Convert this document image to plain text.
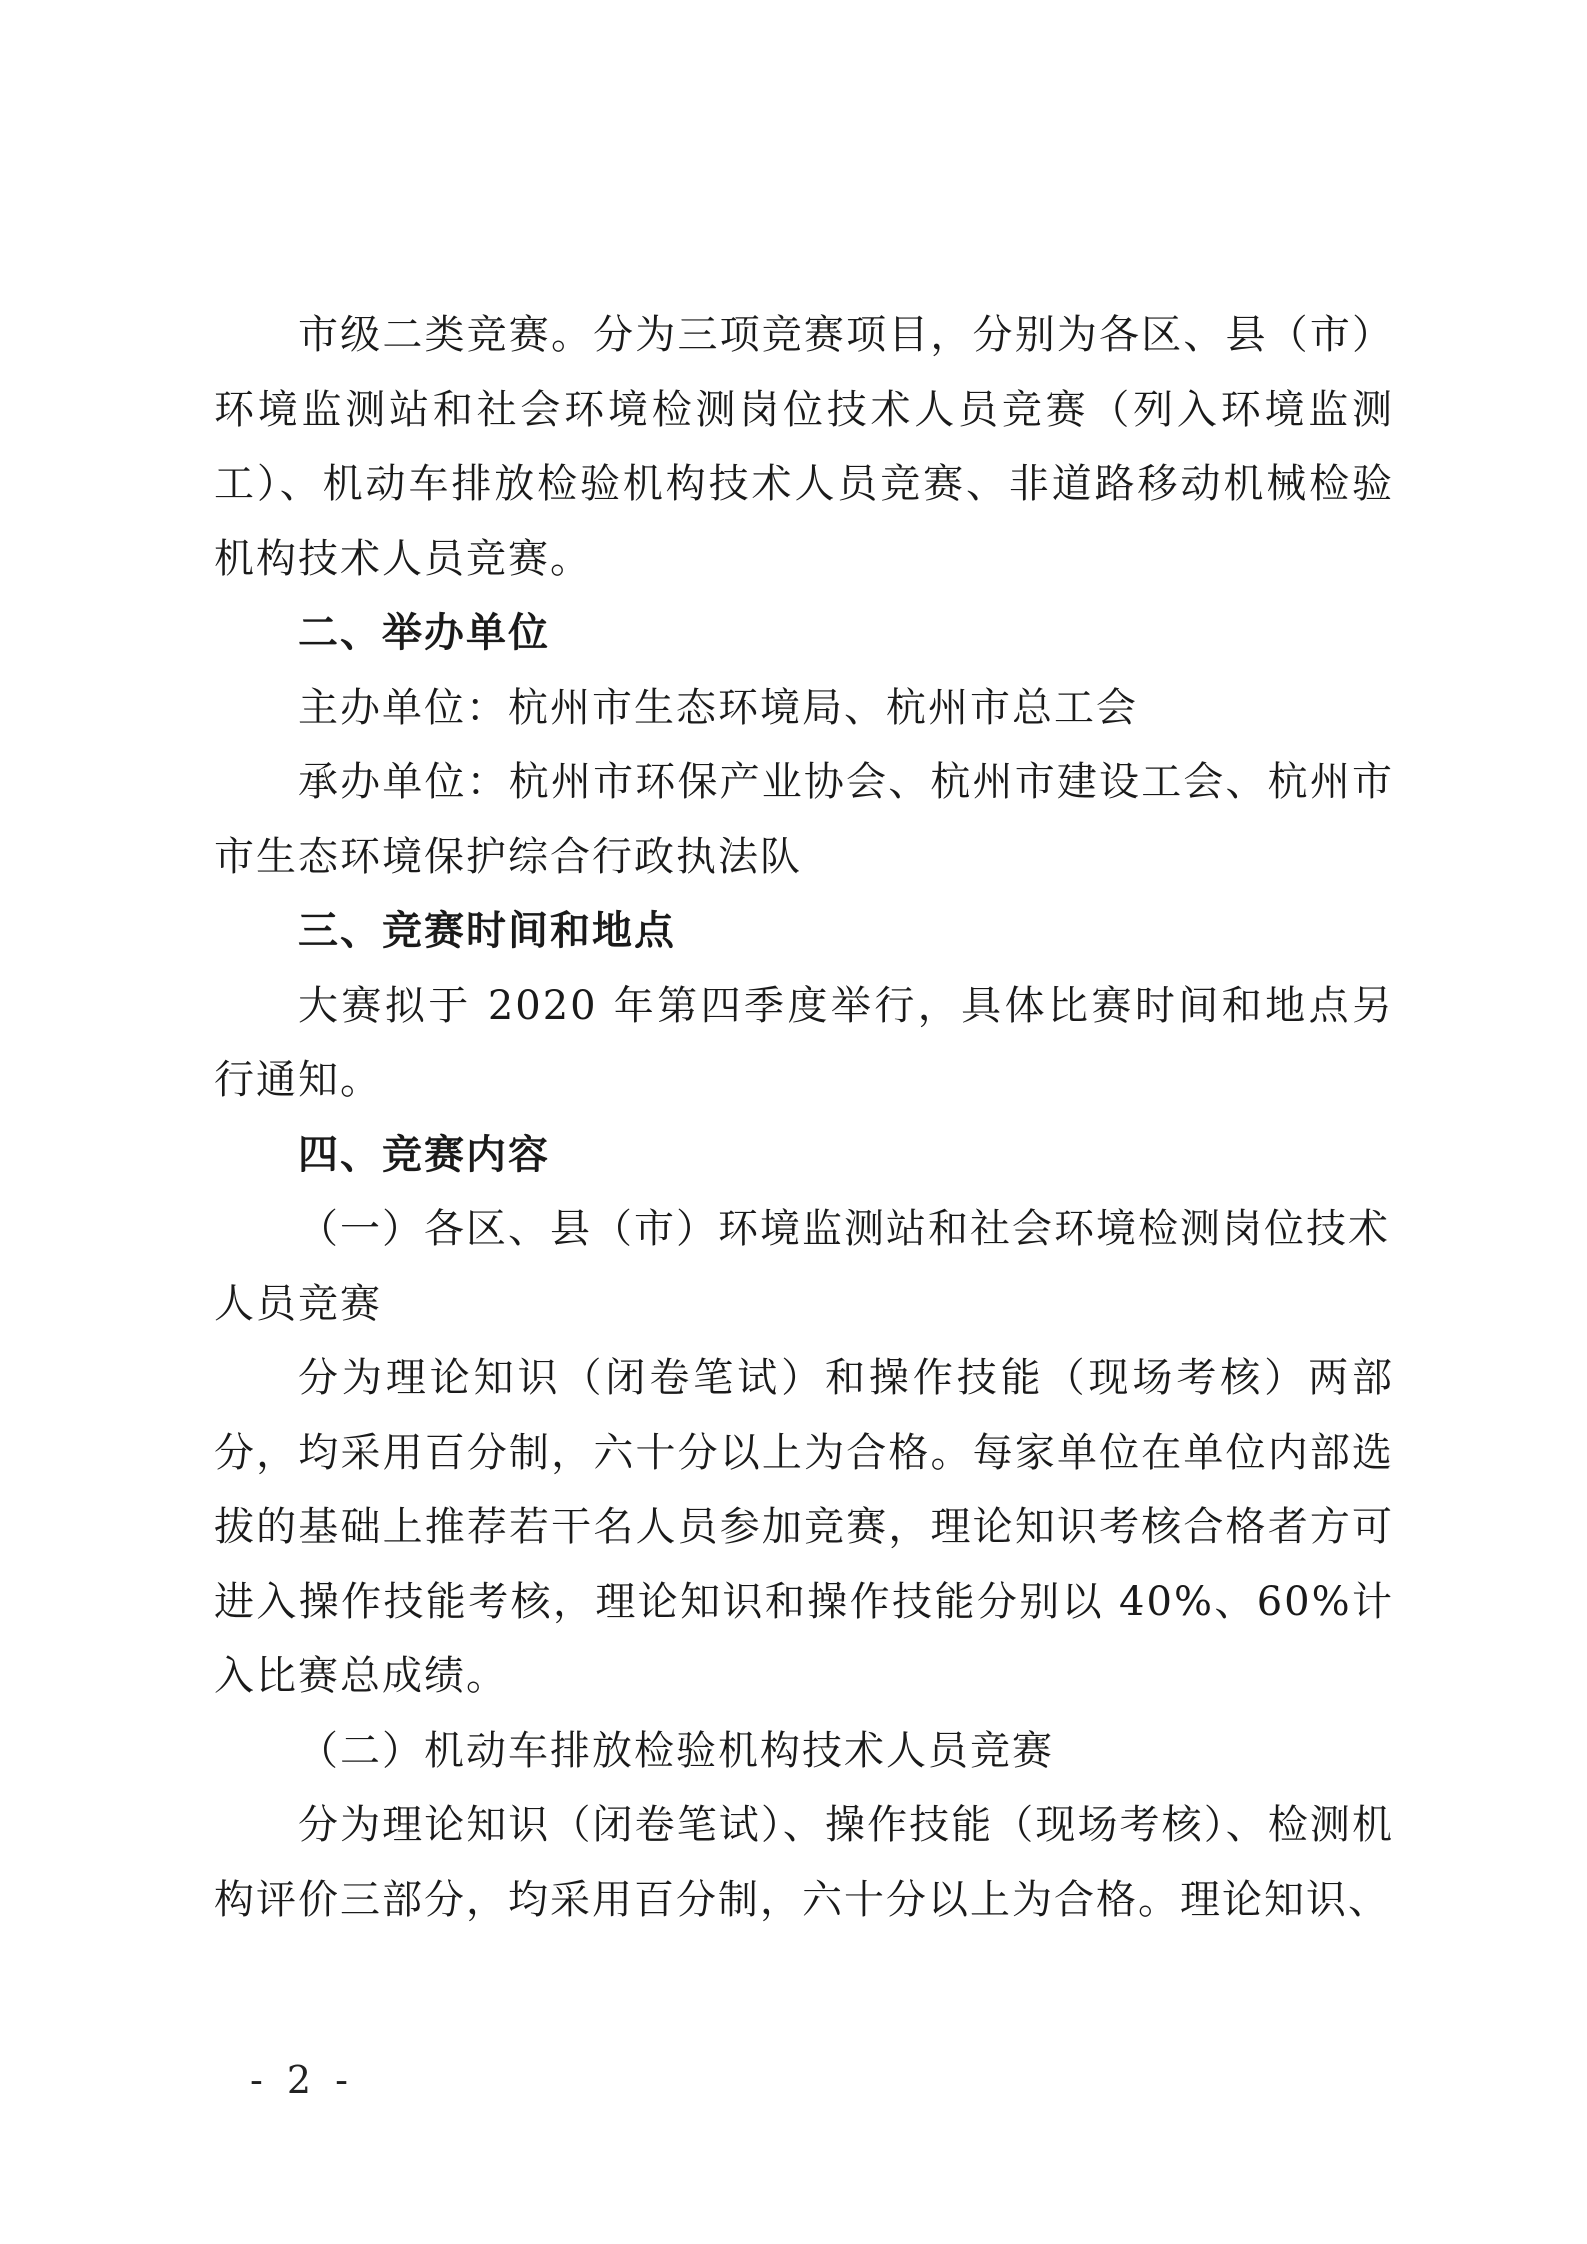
市级二类竞赛。分为三项竞赛项目，分别为各区、县（市）环境监测站和社会环境检测岗位技术人员竞赛（列入环境监测工）、机动车排放检验机构技术人员竞赛、非道路移动机械检验机构技术人员竞赛。

二、举办单位

主办单位：杭州市生态环境局、杭州市总工会

承办单位：杭州市环保产业协会、杭州市建设工会、杭州市市生态环境保护综合行政执法队

三、竞赛时间和地点

大赛拟于 2020 年第四季度举行，具体比赛时间和地点另行通知。

四、竞赛内容

（一）各区、县（市）环境监测站和社会环境检测岗位技术人员竞赛

分为理论知识（闭卷笔试）和操作技能（现场考核）两部分，均采用百分制，六十分以上为合格。每家单位在单位内部选拔的基础上推荐若干名人员参加竞赛，理论知识考核合格者方可进入操作技能考核，理论知识和操作技能分别以 40%、60%计入比赛总成绩。

（二）机动车排放检验机构技术人员竞赛

分为理论知识（闭卷笔试）、操作技能（现场考核）、检测机构评价三部分，均采用百分制，六十分以上为合格。理论知识、

- 2 -
